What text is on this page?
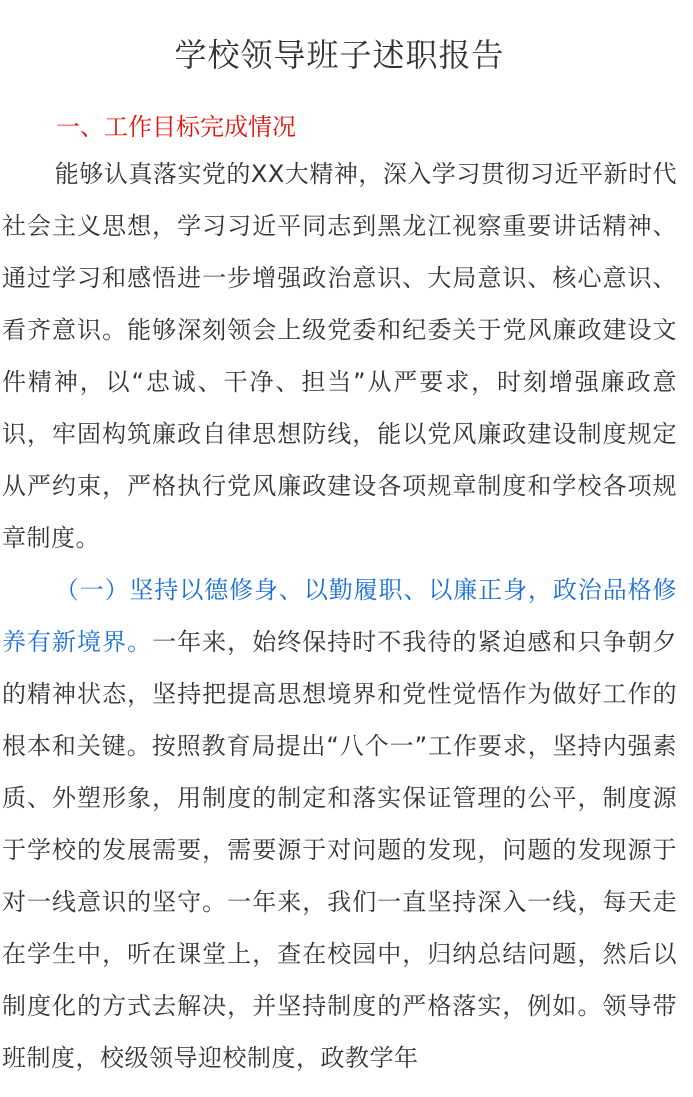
学校领导班子述职报告
一、工作目标完成情况

能够认真落实党的XX大精神，深入学习贯彻习近平新时代社会主义思想，学习习近平同志到黑龙江视察重要讲话精神、通过学习和感悟进一步增强政治意识、大局意识、核心意识、看齐意识。能够深刻领会上级党委和纪委关于党风廉政建设文件精神，以“忠诚、干净、担当”从严要求，时刻增强廉政意识，牢固构筑廉政自律思想防线，能以党风廉政建设制度规定从严约束，严格执行党风廉政建设各项规章制度和学校各项规章制度。

（一）坚持以德修身、以勤履职、以廉正身，政治品格修养有新境界。一年来，始终保持时不我待的紧迫感和只争朝夕的精神状态，坚持把提高思想境界和党性觉悟作为做好工作的根本和关键。按照教育局提出“八个一”工作要求，坚持内强素质、外塑形象，用制度的制定和落实保证管理的公平，制度源于学校的发展需要，需要源于对问题的发现，问题的发现源于对一线意识的坚守。一年来，我们一直坚持深入一线，每天走在学生中，听在课堂上，查在校园中，归纳总结问题，然后以制度化的方式去解决，并坚持制度的严格落实，例如。领导带班制度，校级领导迎校制度，政教学年
